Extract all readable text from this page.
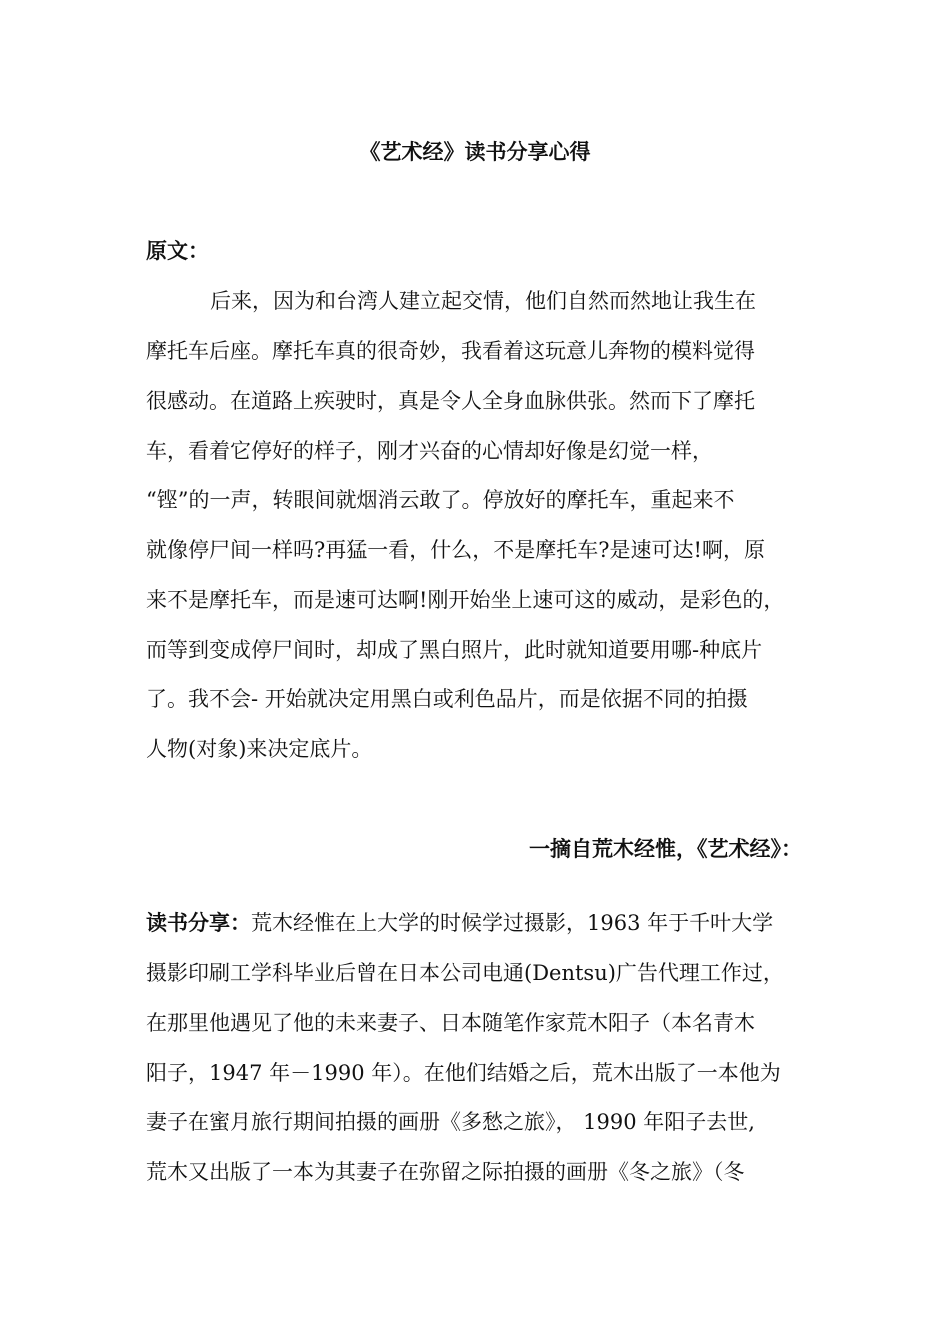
《艺术经》读书分享心得

原文：

后来，因为和台湾人建立起交情，他们自然而然地让我生在

摩托车后座。摩托车真的很奇妙，我看着这玩意儿奔物的模料觉得

很感动。在道路上疾驶时，真是令人全身血脉供张。然而下了摩托

车，看着它停好的样子，刚才兴奋的心情却好像是幻觉一样，

“铿”的一声，转眼间就烟消云敢了。停放好的摩托车，重起来不

就像停尸间一样吗?再猛一看，什么，不是摩托车?是速可达!啊，原

来不是摩托车，而是速可达啊!刚开始坐上速可这的威动，是彩色的，

而等到变成停尸间时，却成了黑白照片，此时就知道要用哪-种底片

了。我不会- 开始就决定用黑白或利色品片，而是依据不同的拍摄

人物(对象)来决定底片。

一摘自荒木经惟，《艺术经》：

读书分享：荒木经惟在上大学的时候学过摄影，1963 年于千叶大学

摄影印刷工学科毕业后曾在日本公司电通(Dentsu)广告代理工作过，

在那里他遇见了他的未来妻子、日本随笔作家荒木阳子（本名青木

阳子，1947 年－1990 年）。在他们结婚之后，荒木出版了一本他为

妻子在蜜月旅行期间拍摄的画册《多愁之旅》， 1990 年阳子去世,

荒木又出版了一本为其妻子在弥留之际拍摄的画册《冬之旅》（冬
